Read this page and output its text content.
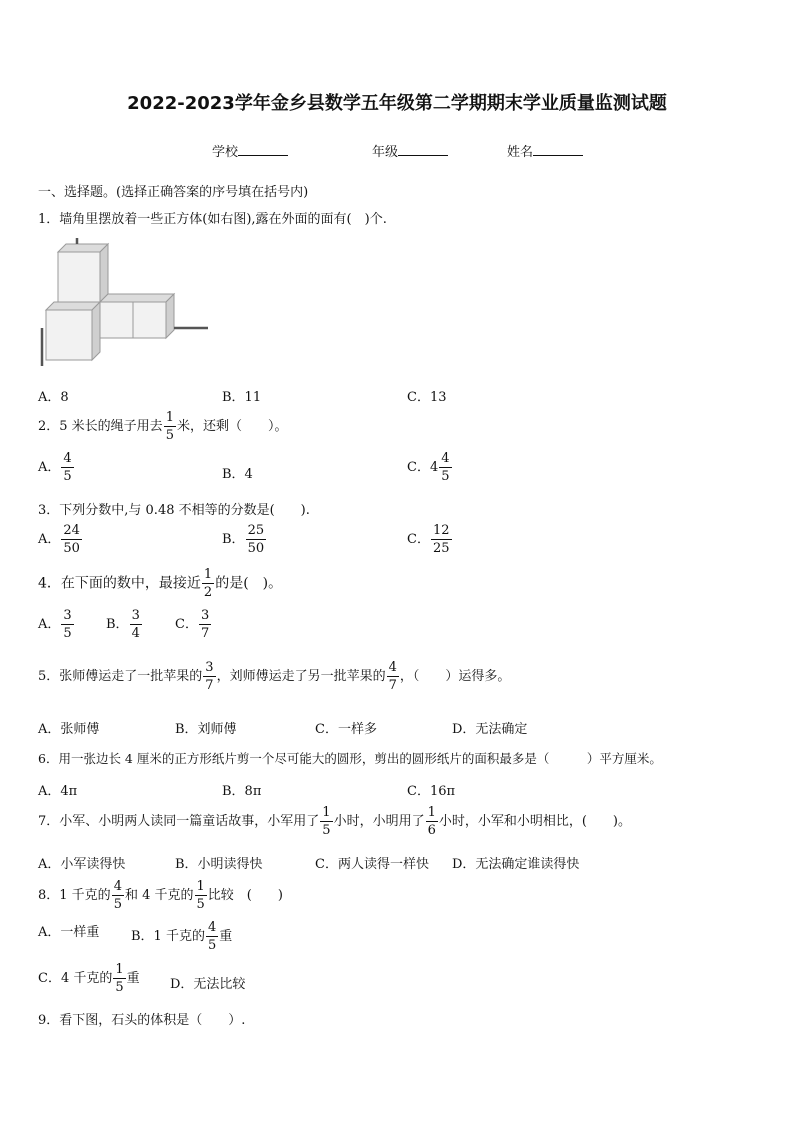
2022-2023学年金乡县数学五年级第二学期期末学业质量监测试题
学校	年级	姓名
一、选择题。(选择正确答案的序号填在括号内)
1．墙角里摆放着一些正方体(如右图),露在外面的面有(　)个.
A．8	B．11	C．13
2．5 米长的绳子用去 $\frac{1}{5}$ 米，还剩（　　）。
A． $\frac{4}{5}$	B．4	C．$4 \frac{4}{5}$
3．下列分数中,与 0.48 不相等的分数是(　　).
A． $\frac{24}{50}$	B． $\frac{25}{50}$	C． $\frac{12}{25}$
4．在下面的数中，最接近 $\frac{1}{2}$ 的是(　)。
A． $\frac{3}{5}$ B． $\frac{3}{4}$	C． $\frac{3}{7}$
5．张师傅运走了一批苹果的 $\frac{3}{7}$ ，刘师傅运走了另一批苹果的 $\frac{4}{7}$ ，（　　）运得多。
A．张师傅	B．刘师傅	C．一样多	D．无法确定
6．用一张边长 4 厘米的正方形纸片剪一个尽可能大的圆形，剪出的圆形纸片的面积最多是（　　　）平方厘米。
A．4π	B．8π	C．16π
7．小军、小明两人读同一篇童话故事，小军用了 $\frac{1}{5}$ 小时，小明用了 $\frac{1}{6}$ 小时，小军和小明相比，(　　)。
A．小军读得快	B．小明读得快	C．两人读得一样快 D．无法确定谁读得快
8．1 千克的 $\frac{4}{5}$ 和 4 千克的 $\frac{1}{5}$ 比较　(　　)
A．一样重 B．1 千克的 $\frac{4}{5}$ 重
C．4 千克的 $\frac{1}{5}$ 重 D．无法比较
9．看下图，石头的体积是（　　）.
